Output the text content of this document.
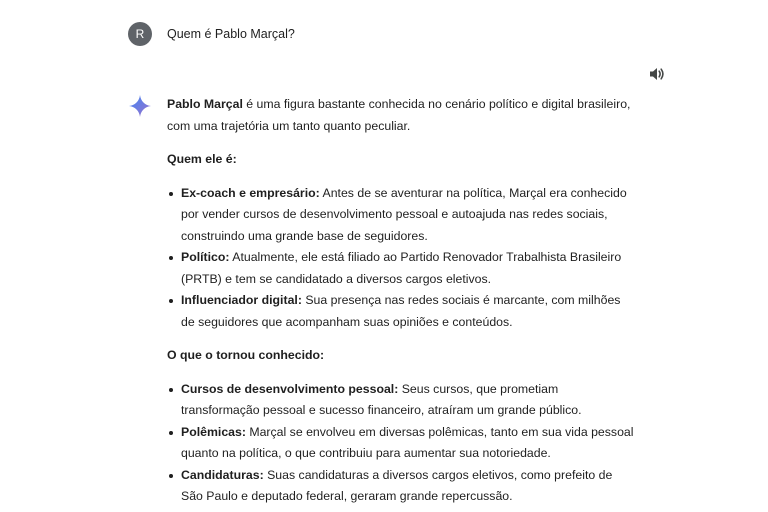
R	Quem é Pablo Marçal?

Pablo Marçal é uma figura bastante conhecida no cenário político e digital brasileiro, com uma trajetória um tanto quanto peculiar.

Quem ele é:

Ex-coach e empresário: Antes de se aventurar na política, Marçal era conhecido por vender cursos de desenvolvimento pessoal e autoajuda nas redes sociais, construindo uma grande base de seguidores.
Político: Atualmente, ele está filiado ao Partido Renovador Trabalhista Brasileiro (PRTB) e tem se candidatado a diversos cargos eletivos.
Influenciador digital: Sua presença nas redes sociais é marcante, com milhões de seguidores que acompanham suas opiniões e conteúdos.

O que o tornou conhecido:

Cursos de desenvolvimento pessoal: Seus cursos, que prometiam transformação pessoal e sucesso financeiro, atraíram um grande público.
Polêmicas: Marçal se envolveu em diversas polêmicas, tanto em sua vida pessoal quanto na política, o que contribuiu para aumentar sua notoriedade.
Candidaturas: Suas candidaturas a diversos cargos eletivos, como prefeito de São Paulo e deputado federal, geraram grande repercussão.
